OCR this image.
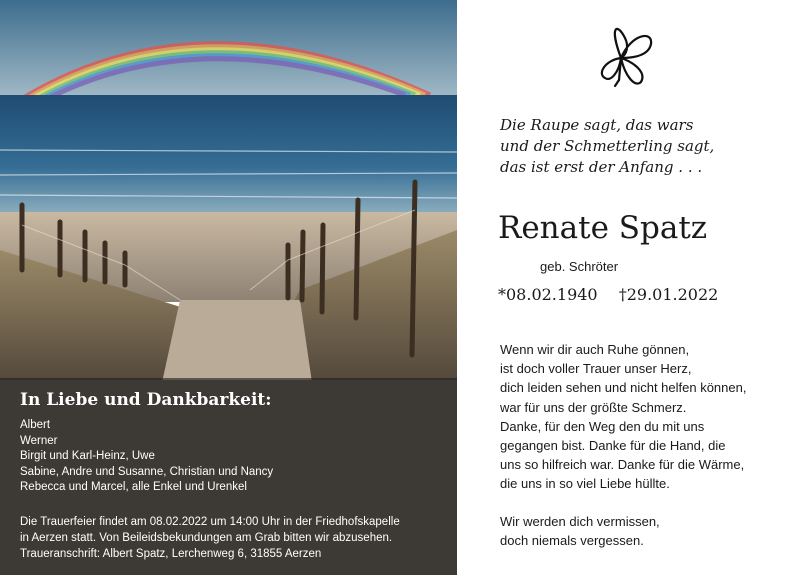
In Liebe und Dankbarkeit:
Albert
Werner
Birgit und Karl-Heinz, Uwe
Sabine, Andre und Susanne, Christian und Nancy
Rebecca und Marcel, alle Enkel und Urenkel
Die Trauerfeier findet am 08.02.2022 um 14:00 Uhr in der Friedhofskapelle
in Aerzen statt. Von Beileidsbekundungen am Grab bitten wir abzusehen.
Traueranschrift: Albert Spatz, Lerchenweg 6, 31855 Aerzen
Die Raupe sagt, das wars
und der Schmetterling sagt,
das ist erst der Anfang . . .
Renate Spatz
geb. Schröter
*08.02.1940 †29.01.2022
Wenn wir dir auch Ruhe gönnen,
ist doch voller Trauer unser Herz,
dich leiden sehen und nicht helfen können,
war für uns der größte Schmerz.
Danke, für den Weg den du mit uns
gegangen bist. Danke für die Hand, die
uns so hilfreich war. Danke für die Wärme,
die uns in so viel Liebe hüllte.
Wir werden dich vermissen,
doch niemals vergessen.
